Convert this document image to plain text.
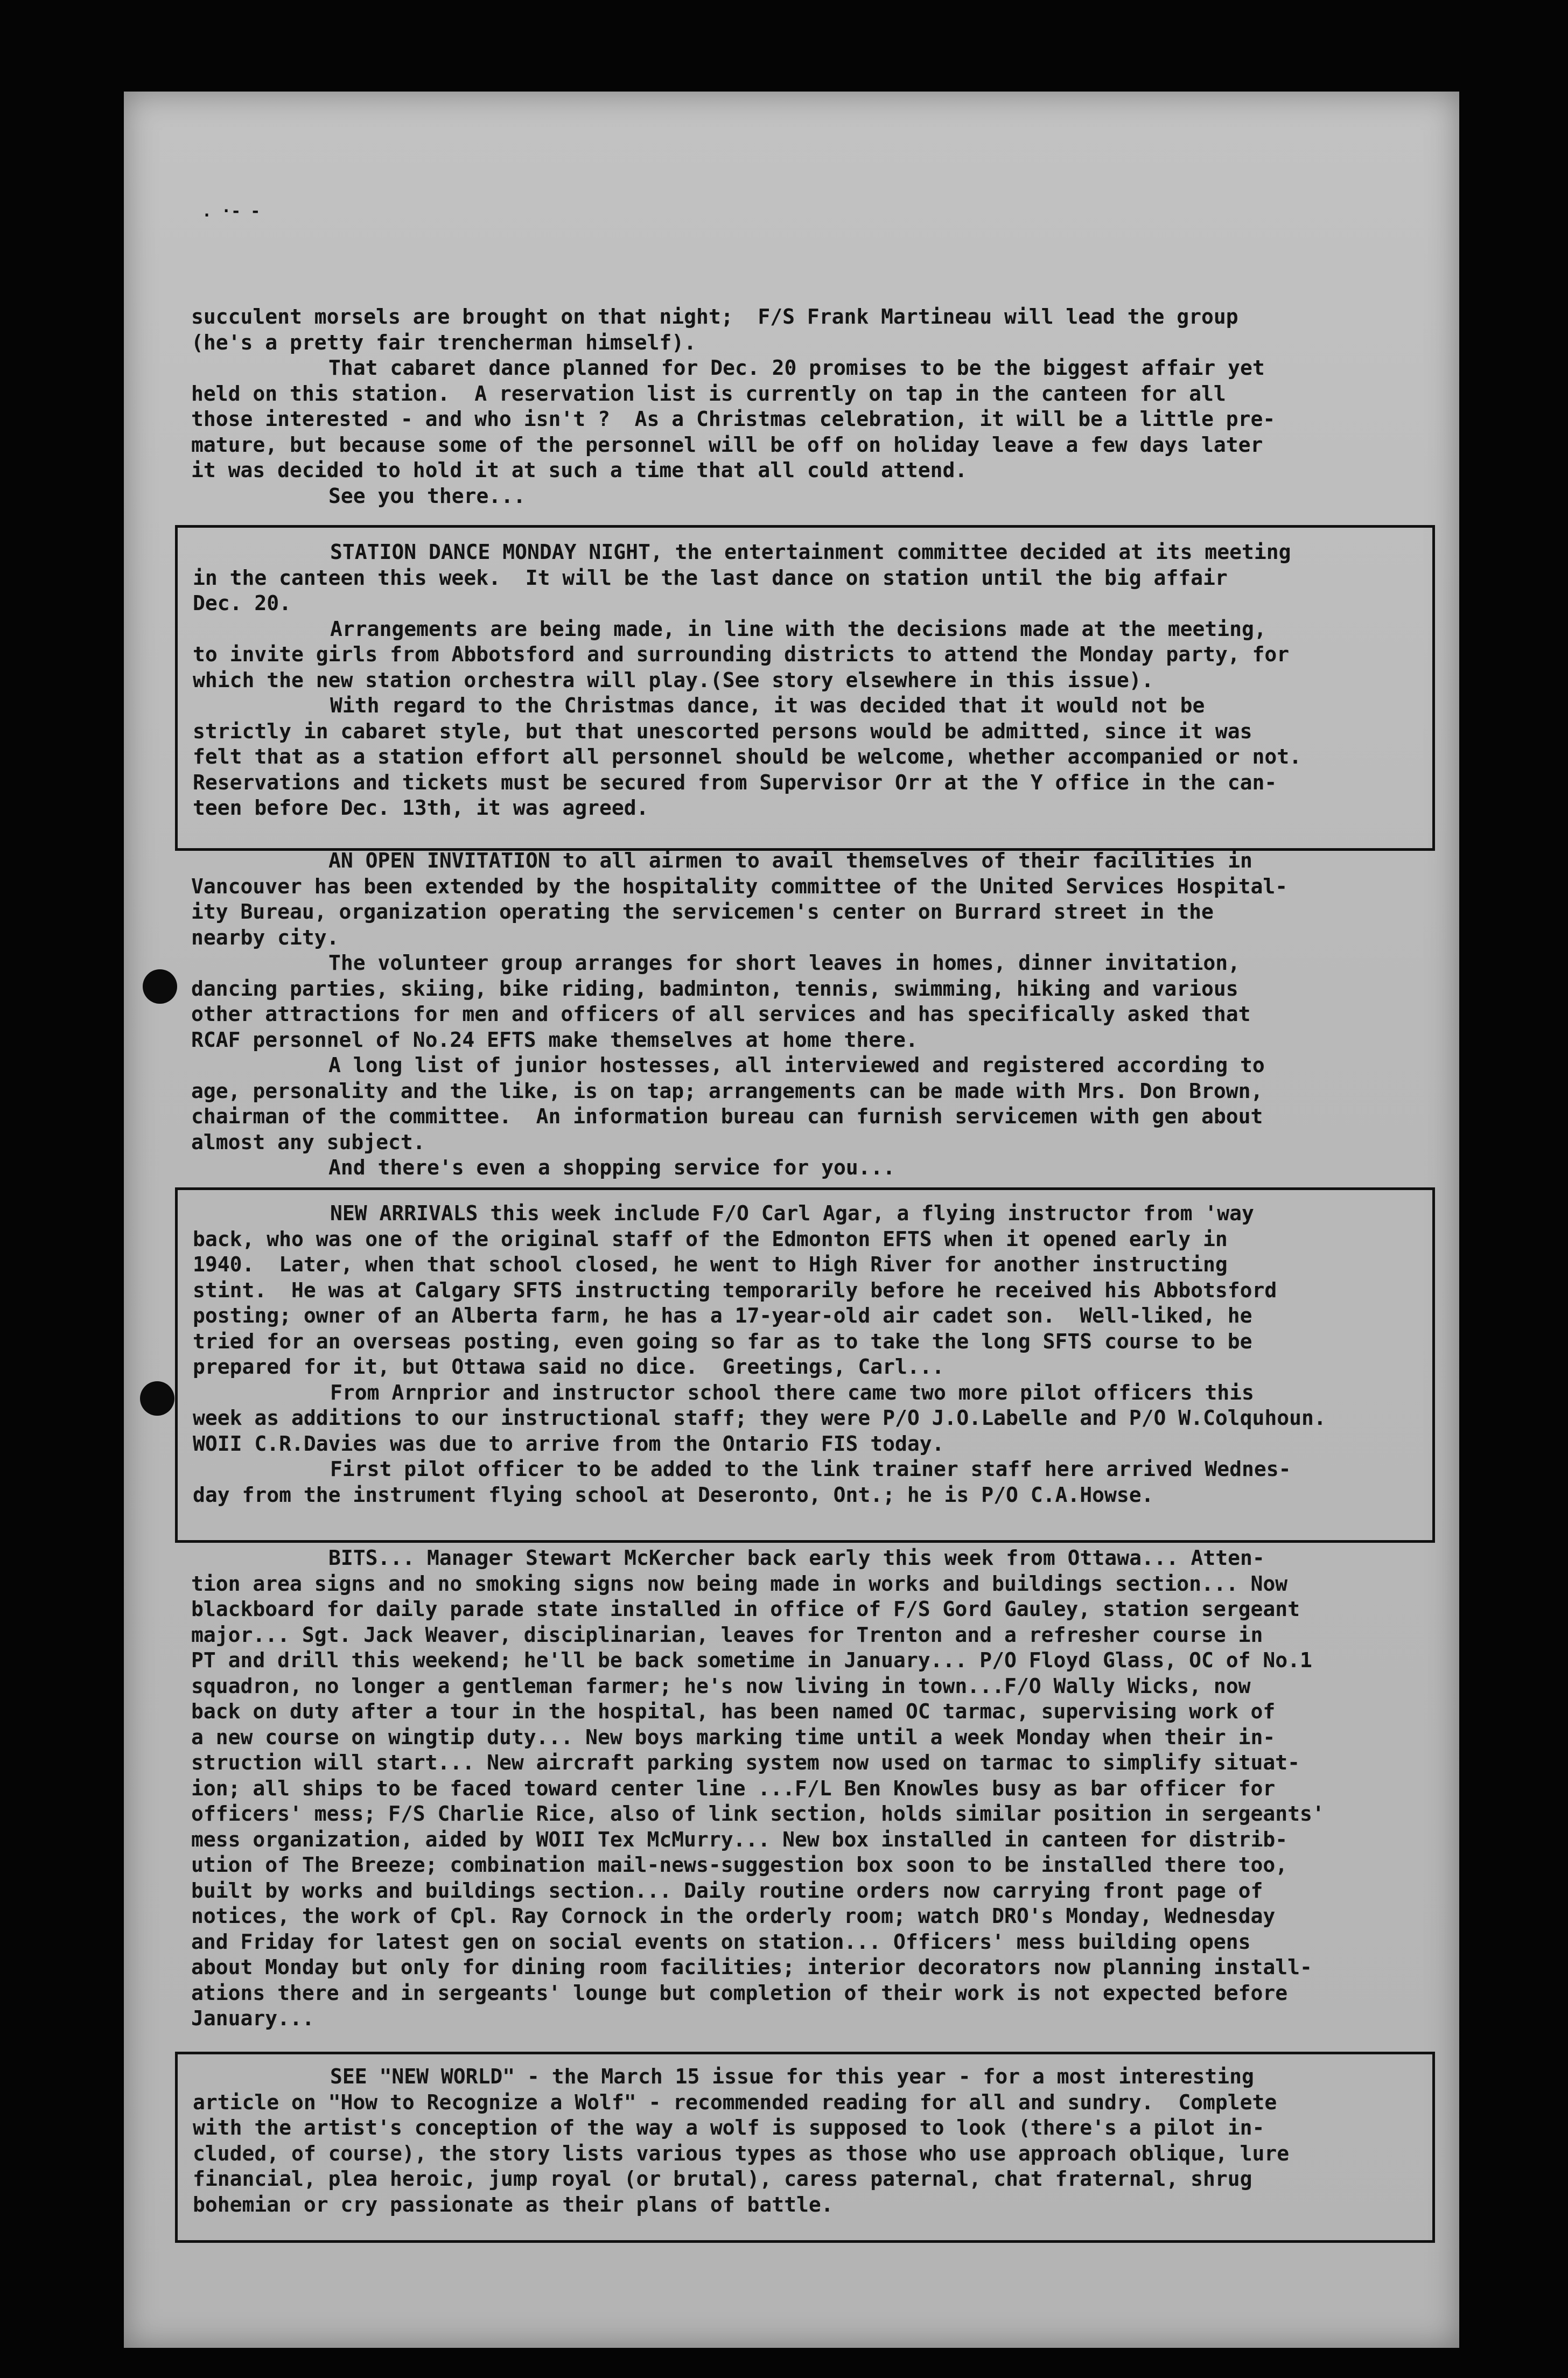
. ·- -
succulent morsels are brought on that night;  F/S Frank Martineau will lead the group
(he's a pretty fair trencherman himself).
That cabaret dance planned for Dec. 20 promises to be the biggest affair yet
held on this station.  A reservation list is currently on tap in the canteen for all
those interested - and who isn't ?  As a Christmas celebration, it will be a little pre-
mature, but because some of the personnel will be off on holiday leave a few days later
it was decided to hold it at such a time that all could attend.
See you there...
STATION DANCE MONDAY NIGHT, the entertainment committee decided at its meeting
in the canteen this week.  It will be the last dance on station until the big affair
Dec. 20.
Arrangements are being made, in line with the decisions made at the meeting,
to invite girls from Abbotsford and surrounding districts to attend the Monday party, for
which the new station orchestra will play.(See story elsewhere in this issue).
With regard to the Christmas dance, it was decided that it would not be
strictly in cabaret style, but that unescorted persons would be admitted, since it was
felt that as a station effort all personnel should be welcome, whether accompanied or not.
Reservations and tickets must be secured from Supervisor Orr at the Y office in the can-
teen before Dec. 13th, it was agreed.
AN OPEN INVITATION to all airmen to avail themselves of their facilities in
Vancouver has been extended by the hospitality committee of the United Services Hospital-
ity Bureau, organization operating the servicemen's center on Burrard street in the
nearby city.
The volunteer group arranges for short leaves in homes, dinner invitation,
dancing parties, skiing, bike riding, badminton, tennis, swimming, hiking and various
other attractions for men and officers of all services and has specifically asked that
RCAF personnel of No.24 EFTS make themselves at home there.
A long list of junior hostesses, all interviewed and registered according to
age, personality and the like, is on tap; arrangements can be made with Mrs. Don Brown,
chairman of the committee.  An information bureau can furnish servicemen with gen about
almost any subject.
And there's even a shopping service for you...
NEW ARRIVALS this week include F/O Carl Agar, a flying instructor from 'way
back, who was one of the original staff of the Edmonton EFTS when it opened early in
1940.  Later, when that school closed, he went to High River for another instructing
stint.  He was at Calgary SFTS instructing temporarily before he received his Abbotsford
posting; owner of an Alberta farm, he has a 17-year-old air cadet son.  Well-liked, he
tried for an overseas posting, even going so far as to take the long SFTS course to be
prepared for it, but Ottawa said no dice.  Greetings, Carl...
From Arnprior and instructor school there came two more pilot officers this
week as additions to our instructional staff; they were P/O J.O.Labelle and P/O W.Colquhoun.
WOII C.R.Davies was due to arrive from the Ontario FIS today.
First pilot officer to be added to the link trainer staff here arrived Wednes-
day from the instrument flying school at Deseronto, Ont.; he is P/O C.A.Howse.
BITS... Manager Stewart McKercher back early this week from Ottawa... Atten-
tion area signs and no smoking signs now being made in works and buildings section... Now
blackboard for daily parade state installed in office of F/S Gord Gauley, station sergeant
major... Sgt. Jack Weaver, disciplinarian, leaves for Trenton and a refresher course in
PT and drill this weekend; he'll be back sometime in January... P/O Floyd Glass, OC of No.1
squadron, no longer a gentleman farmer; he's now living in town...F/O Wally Wicks, now
back on duty after a tour in the hospital, has been named OC tarmac, supervising work of
a new course on wingtip duty... New boys marking time until a week Monday when their in-
struction will start... New aircraft parking system now used on tarmac to simplify situat-
ion; all ships to be faced toward center line ...F/L Ben Knowles busy as bar officer for
officers' mess; F/S Charlie Rice, also of link section, holds similar position in sergeants'
mess organization, aided by WOII Tex McMurry... New box installed in canteen for distrib-
ution of The Breeze; combination mail-news-suggestion box soon to be installed there too,
built by works and buildings section... Daily routine orders now carrying front page of
notices, the work of Cpl. Ray Cornock in the orderly room; watch DRO's Monday, Wednesday
and Friday for latest gen on social events on station... Officers' mess building opens
about Monday but only for dining room facilities; interior decorators now planning install-
ations there and in sergeants' lounge but completion of their work is not expected before
January...
SEE "NEW WORLD" - the March 15 issue for this year - for a most interesting
article on "How to Recognize a Wolf" - recommended reading for all and sundry.  Complete
with the artist's conception of the way a wolf is supposed to look (there's a pilot in-
cluded, of course), the story lists various types as those who use approach oblique, lure
financial, plea heroic, jump royal (or brutal), caress paternal, chat fraternal, shrug
bohemian or cry passionate as their plans of battle.
